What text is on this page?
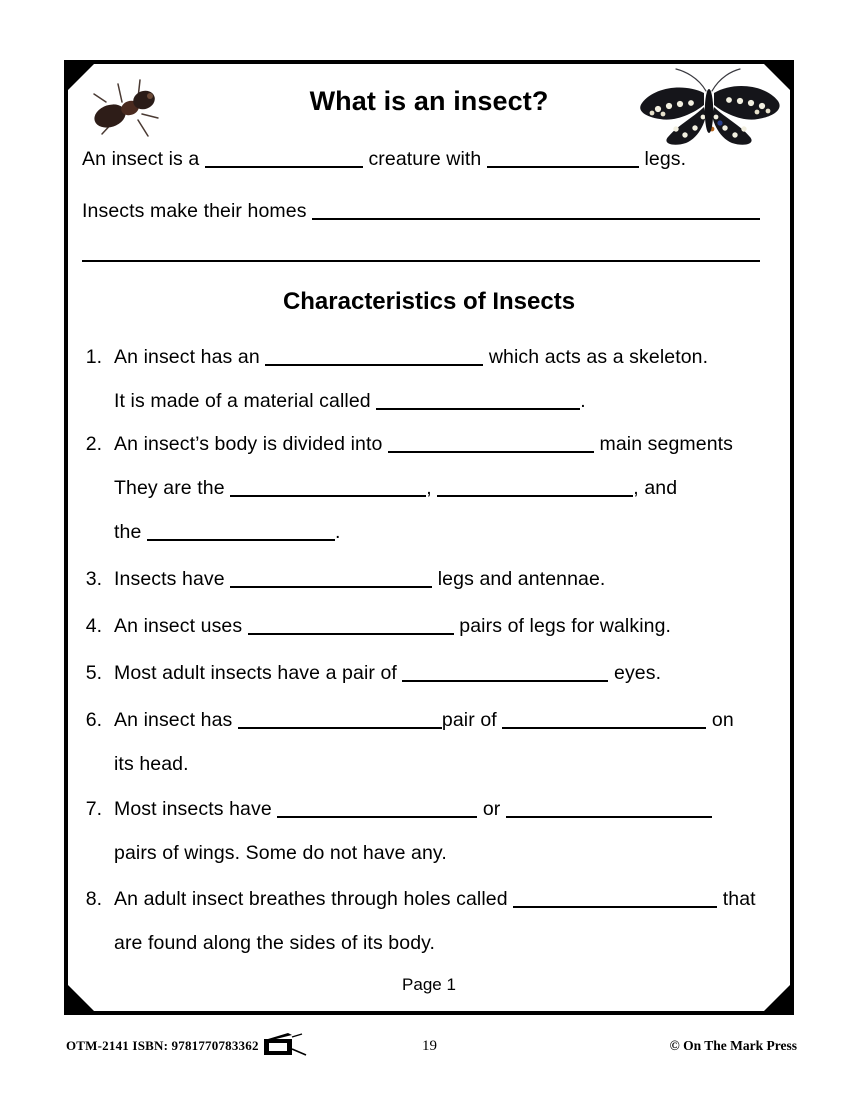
What is an insect?
An insect is a	creature with	legs.
Insects make their homes
Characteristics of Insects
1. An insect has an	which acts as a skeleton.
It is made of a material called	.
2. An insect’s body is divided into	main segments
They are the	,	, and
the	.
3. Insects have	legs and antennae.
4. An insect uses	pairs of legs for walking.
5. Most adult insects have a pair of	eyes.
6. An insect has	pair of	on
its head.
7. Most insects have	or
pairs of wings. Some do not have any.
8. An adult insect breathes through holes called	that
are found along the sides of its body.
Page 1
OTM-2141 ISBN: 9781770783362	19	© On The Mark Press
